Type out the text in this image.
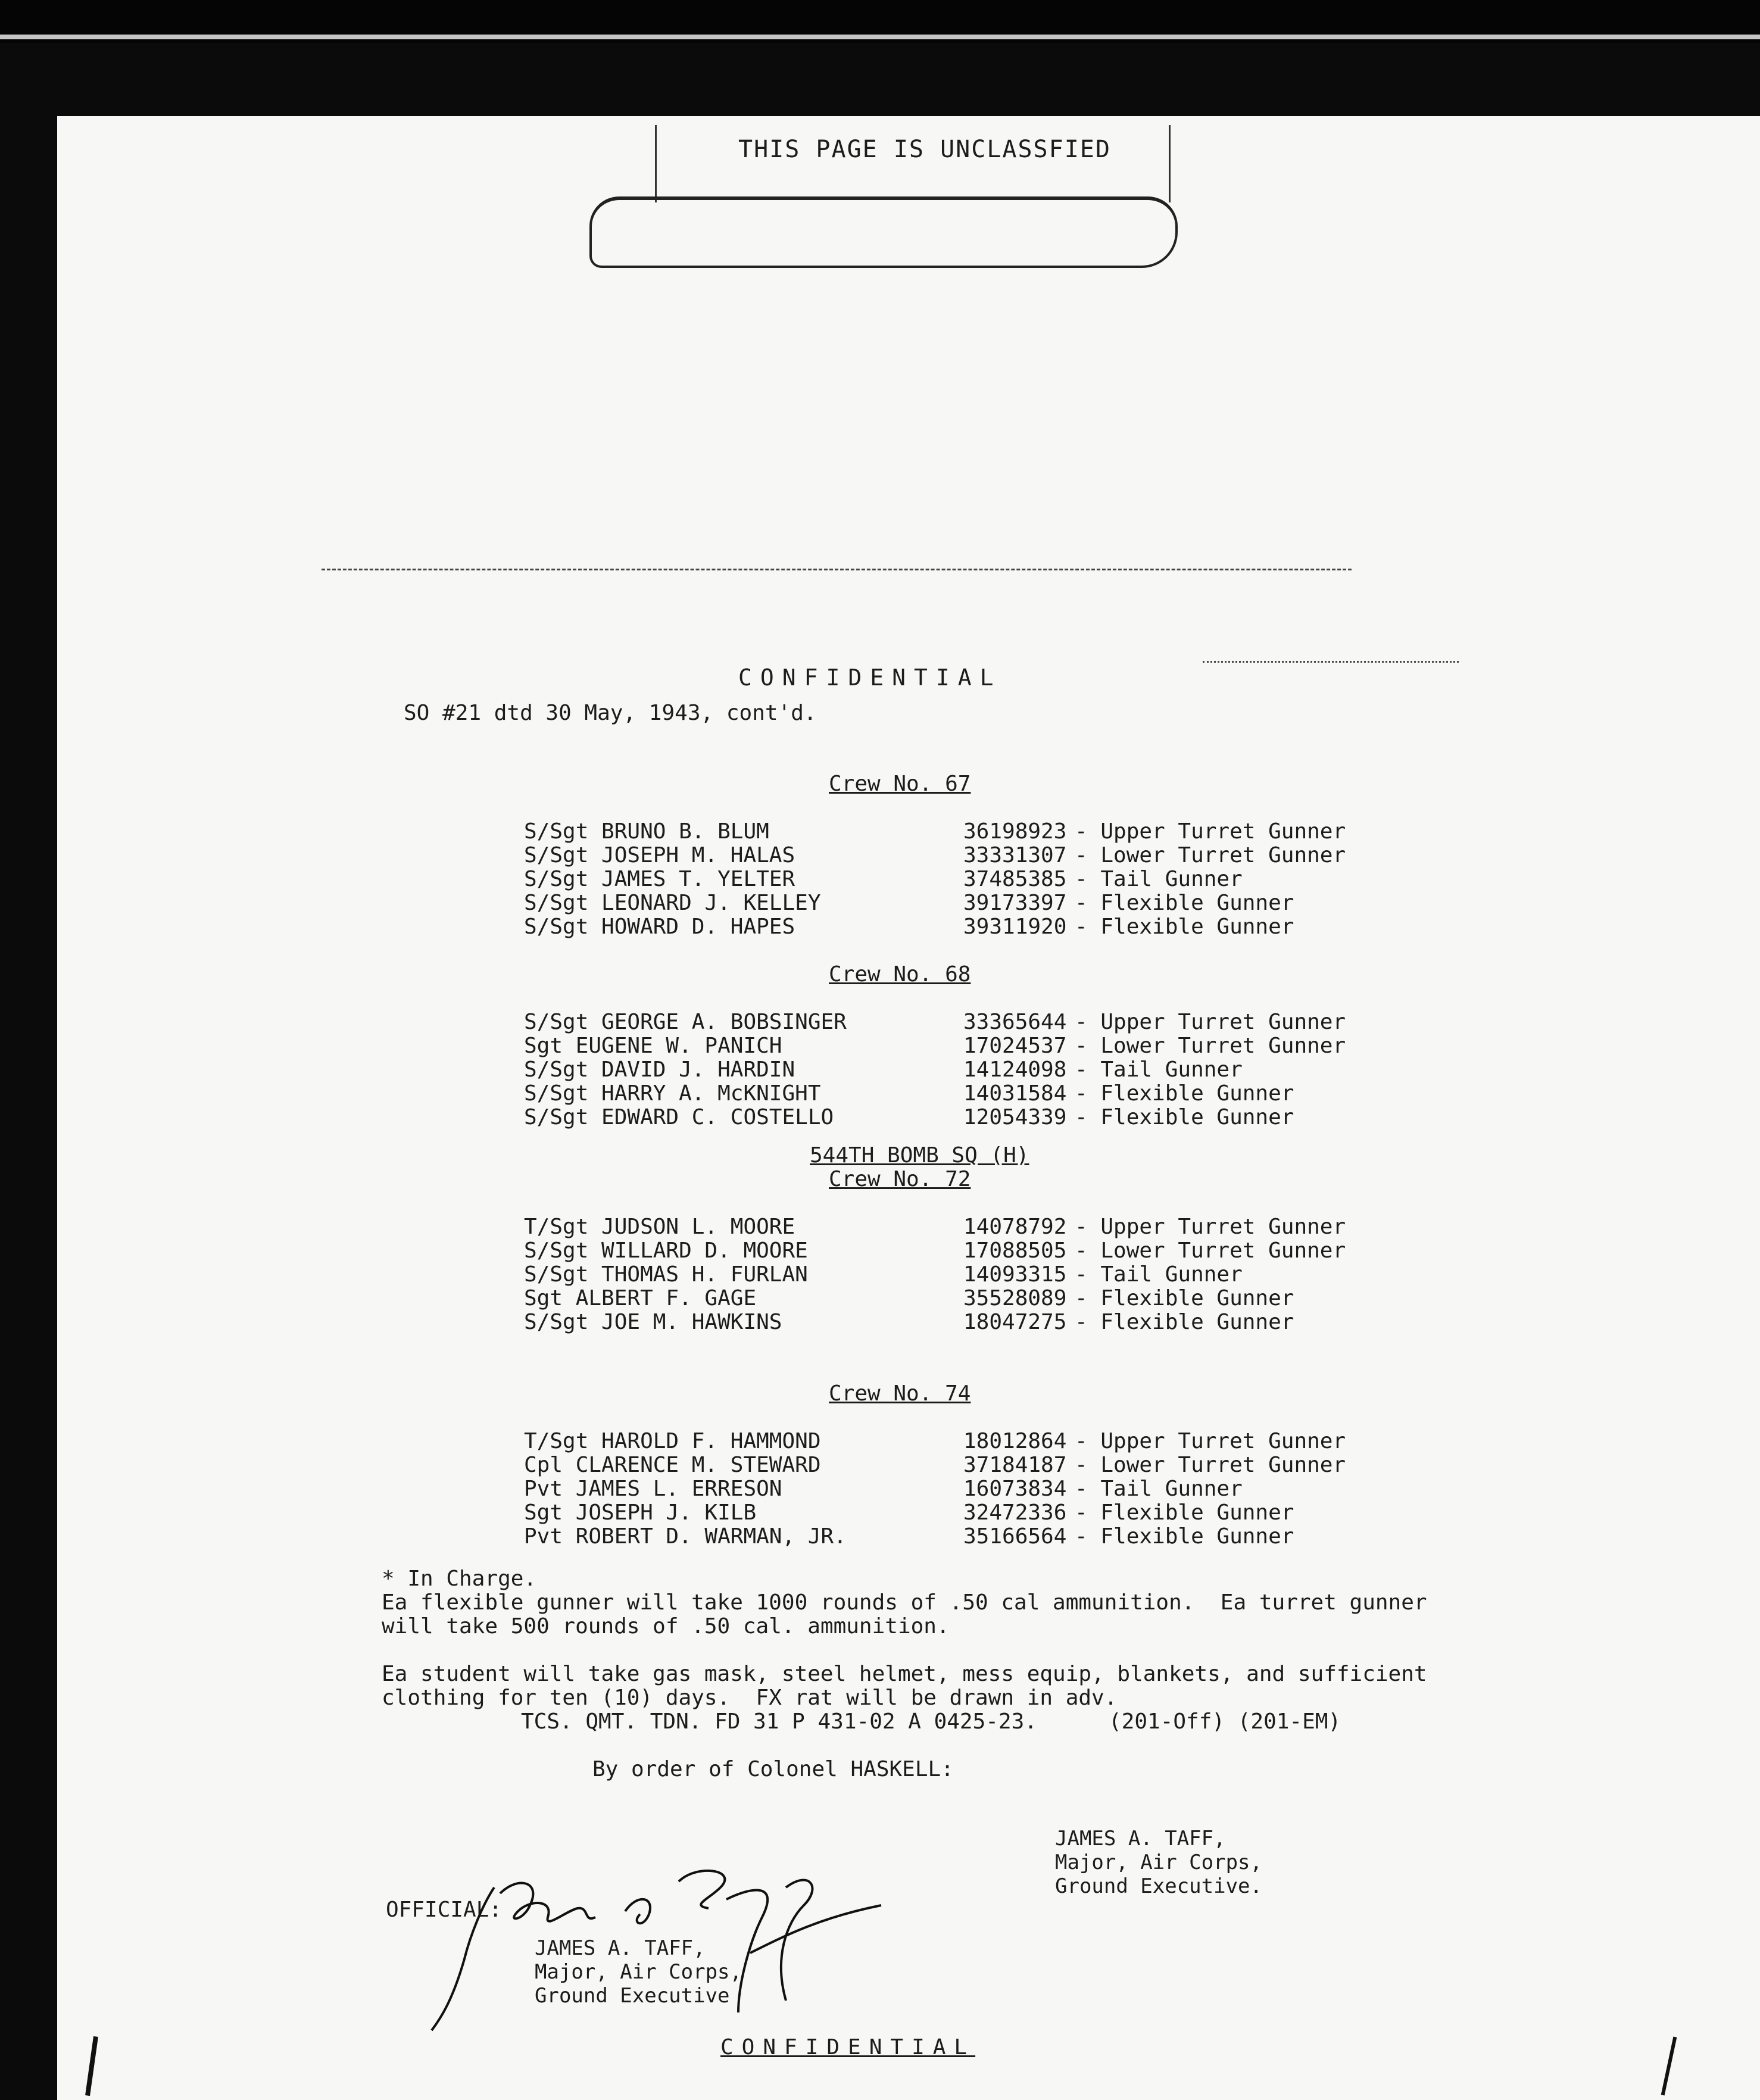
THIS PAGE IS UNCLASSFIED
CONFIDENTIAL
SO #21 dtd 30 May, 1943, cont'd.
Crew No. 67
S/Sgt BRUNO B. BLUM	36198923 - Upper Turret Gunner
S/Sgt JOSEPH M. HALAS	33331307 - Lower Turret Gunner
S/Sgt JAMES T. YELTER	37485385 - Tail Gunner
S/Sgt LEONARD J. KELLEY	39173397 - Flexible Gunner
S/Sgt HOWARD D. HAPES	39311920 - Flexible Gunner
Crew No. 68
S/Sgt GEORGE A. BOBSINGER	33365644 - Upper Turret Gunner
Sgt EUGENE W. PANICH	17024537 - Lower Turret Gunner
S/Sgt DAVID J. HARDIN	14124098 - Tail Gunner
S/Sgt HARRY A. McKNIGHT	14031584 - Flexible Gunner
S/Sgt EDWARD C. COSTELLO	12054339 - Flexible Gunner
544TH BOMB SQ (H)
Crew No. 72
T/Sgt JUDSON L. MOORE	14078792 - Upper Turret Gunner
S/Sgt WILLARD D. MOORE	17088505 - Lower Turret Gunner
S/Sgt THOMAS H. FURLAN	14093315 - Tail Gunner
Sgt ALBERT F. GAGE	35528089 - Flexible Gunner
S/Sgt JOE M. HAWKINS	18047275 - Flexible Gunner
Crew No. 74
T/Sgt HAROLD F. HAMMOND	18012864 - Upper Turret Gunner
Cpl CLARENCE M. STEWARD	37184187 - Lower Turret Gunner
Pvt JAMES L. ERRESON	16073834 - Tail Gunner
Sgt JOSEPH J. KILB	32472336 - Flexible Gunner
Pvt ROBERT D. WARMAN, JR.	35166564 - Flexible Gunner
* In Charge.
Ea flexible gunner will take 1000 rounds of .50 cal ammunition.  Ea turret gunner
will take 500 rounds of .50 cal. ammunition.
Ea student will take gas mask, steel helmet, mess equip, blankets, and sufficient
clothing for ten (10) days.  FX rat will be drawn in adv.
TCS. QMT. TDN. FD 31 P 431-02 A 0425-23.	(201-Off) (201-EM)
By order of Colonel HASKELL:
JAMES A. TAFF,
Major, Air Corps,
Ground Executive.
OFFICIAL:
JAMES A. TAFF,
Major, Air Corps,
Ground Executive
CONFIDENTIAL
